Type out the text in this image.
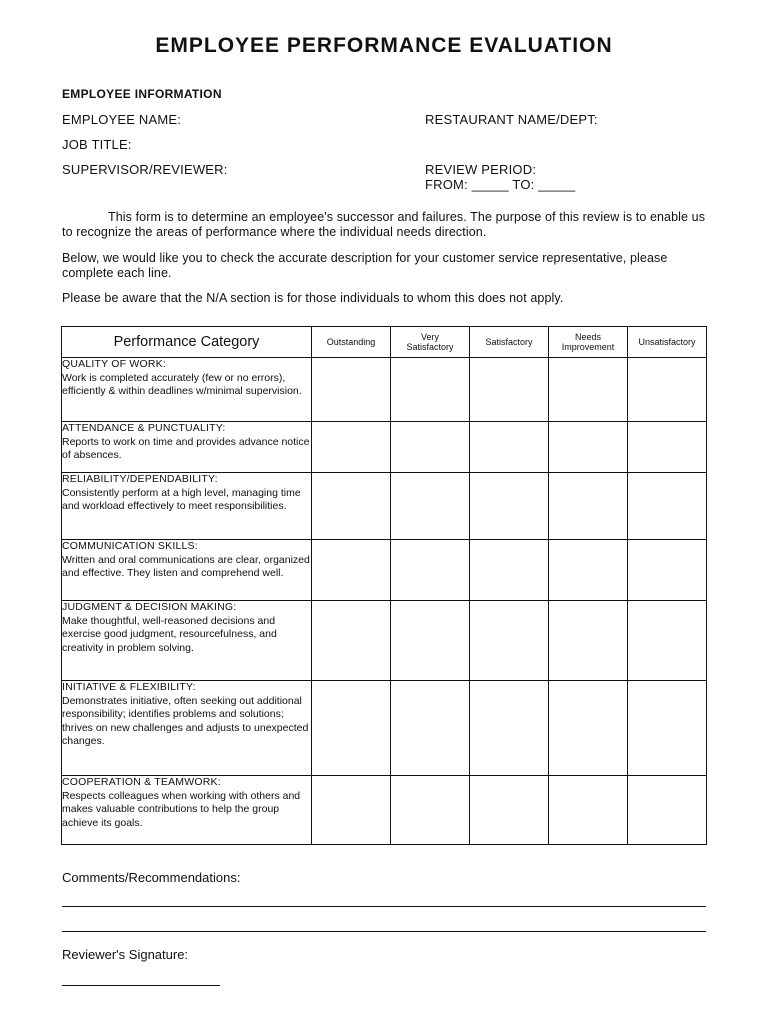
EMPLOYEE PERFORMANCE EVALUATION
EMPLOYEE INFORMATION
EMPLOYEE NAME:	RESTAURANT NAME/DEPT:
JOB TITLE:
SUPERVISOR/REVIEWER:	REVIEW PERIOD:
FROM: _____ TO: _____
This form is to determine an employee's successor and failures. The purpose of this review is to enable us to recognize the areas of performance where the individual needs direction.
Below, we would like you to check the accurate description for your customer service representative, please complete each line.
Please be aware that the N/A section is for those individuals to whom this does not apply.
Performance Category	Outstanding	Very Satisfactory	Satisfactory	Needs Improvement	Unsatisfactory

QUALITY OF WORK:
Work is completed accurately (few or no errors), efficiently & within deadlines w/minimal supervision.					

ATTENDANCE & PUNCTUALITY:
Reports to work on time and provides advance notice of absences.					

RELIABILITY/DEPENDABILITY:
Consistently perform at a high level, managing time and workload effectively to meet responsibilities.					

COMMUNICATION SKILLS:
Written and oral communications are clear, organized and effective. They listen and comprehend well.					

JUDGMENT & DECISION MAKING:
Make thoughtful, well-reasoned decisions and exercise good judgment, resourcefulness, and creativity in problem solving.					

INITIATIVE & FLEXIBILITY:
Demonstrates initiative, often seeking out additional responsibility; identifies problems and solutions; thrives on new challenges and adjusts to unexpected changes.					

COOPERATION & TEAMWORK:
Respects colleagues when working with others and makes valuable contributions to help the group achieve its goals.					

Comments/Recommendations:
Reviewer's Signature:
